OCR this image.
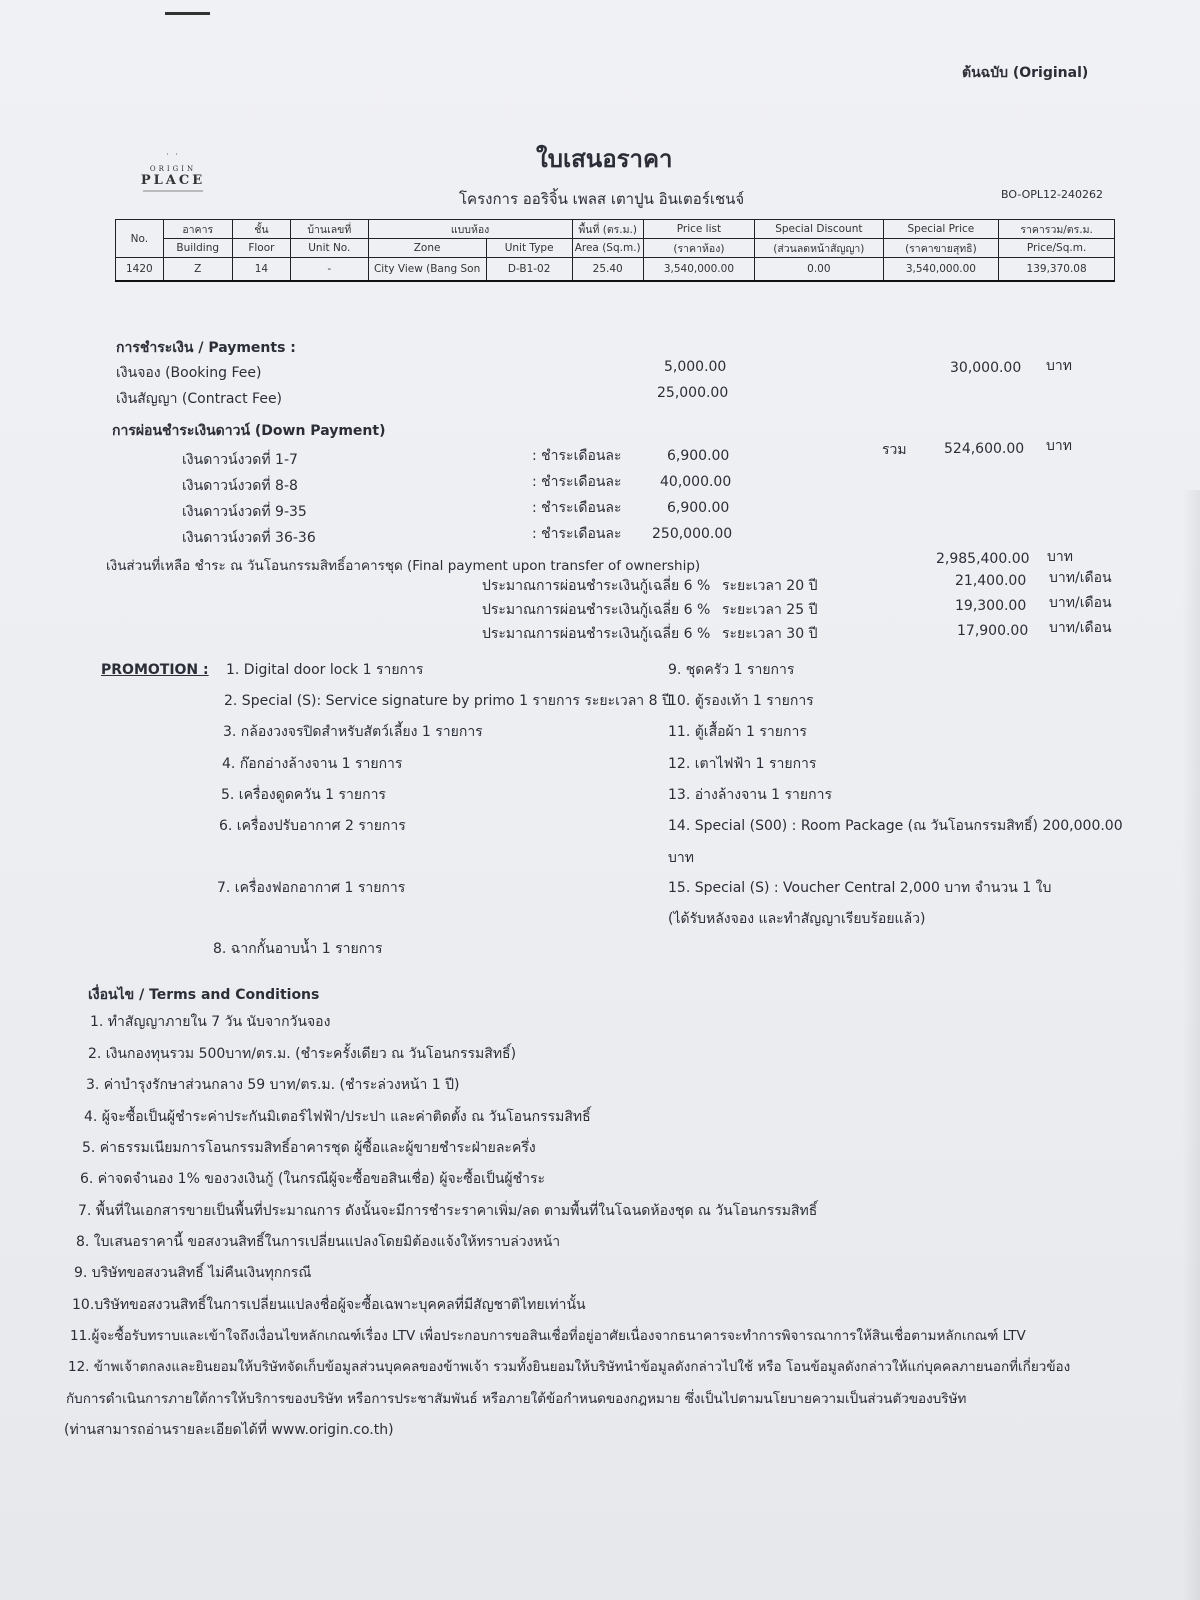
ต้นฉบับ (Original)
· ·
ORIGIN
PLACE
ใบเสนอราคา
โครงการ ออริจิ้น เพลส เตาปูน อินเตอร์เชนจ์	BO-OPL12-240262
No.	อาคาร	ชั้น	บ้านเลขที่	แบบห้อง		พื้นที่ (ตร.ม.)	Price list	Special Discount	Special Price	ราคารวม/ตร.ม.
	Building	Floor	Unit No.	Zone	Unit Type	Area (Sq.m.)	(ราคาห้อง)	(ส่วนลดหน้าสัญญา)	(ราคาขายสุทธิ)	Price/Sq.m.
1420	Z	14	-	City View (Bang Son	D-B1-02	25.40	3,540,000.00	0.00	3,540,000.00	139,370.08
การชำระเงิน / Payments :
เงินจอง (Booking Fee)	5,000.00
เงินสัญญา (Contract Fee)	25,000.00
30,000.00 บาท
การผ่อนชำระเงินดาวน์ (Down Payment)
เงินดาวน์งวดที่ 1-7	: ชำระเดือนละ	6,900.00
เงินดาวน์งวดที่ 8-8	: ชำระเดือนละ	40,000.00
เงินดาวน์งวดที่ 9-35	: ชำระเดือนละ	6,900.00
เงินดาวน์งวดที่ 36-36	: ชำระเดือนละ 250,000.00
รวม	524,600.00 บาท
เงินส่วนที่เหลือ ชำระ ณ วันโอนกรรมสิทธิ์อาคารชุด (Final payment upon transfer of ownership)	2,985,400.00 บาท
ประมาณการผ่อนชำระเงินกู้เฉลี่ย 6 % ระยะเวลา 20 ปี	21,400.00 บาท/เดือน
ประมาณการผ่อนชำระเงินกู้เฉลี่ย 6 % ระยะเวลา 25 ปี	19,300.00 บาท/เดือน
ประมาณการผ่อนชำระเงินกู้เฉลี่ย 6 % ระยะเวลา 30 ปี	17,900.00 บาท/เดือน
PROMOTION : 1. Digital door lock 1 รายการ
2. Special (S): Service signature by primo 1 รายการ ระยะเวลา 8 ปี
3. กล้องวงจรปิดสำหรับสัตว์เลี้ยง 1 รายการ
4. ก๊อกอ่างล้างจาน 1 รายการ
5. เครื่องดูดควัน 1 รายการ
6. เครื่องปรับอากาศ 2 รายการ
7. เครื่องฟอกอากาศ 1 รายการ
8. ฉากกั้นอาบน้ำ 1 รายการ
9. ชุดครัว 1 รายการ
10. ตู้รองเท้า 1 รายการ
11. ตู้เสื้อผ้า 1 รายการ
12. เตาไฟฟ้า 1 รายการ
13. อ่างล้างจาน 1 รายการ
14. Special (S00) : Room Package (ณ วันโอนกรรมสิทธิ์) 200,000.00
บาท
15. Special (S) : Voucher Central 2,000 บาท จำนวน 1 ใบ
(ได้รับหลังจอง และทำสัญญาเรียบร้อยแล้ว)
เงื่อนไข / Terms and Conditions
1. ทำสัญญาภายใน 7 วัน นับจากวันจอง
2. เงินกองทุนรวม 500บาท/ตร.ม. (ชำระครั้งเดียว ณ วันโอนกรรมสิทธิ์)
3. ค่าบำรุงรักษาส่วนกลาง 59 บาท/ตร.ม. (ชำระล่วงหน้า 1 ปี)
4. ผู้จะซื้อเป็นผู้ชำระค่าประกันมิเตอร์ไฟฟ้า/ประปา และค่าติดตั้ง ณ วันโอนกรรมสิทธิ์
5. ค่าธรรมเนียมการโอนกรรมสิทธิ์อาคารชุด ผู้ซื้อและผู้ขายชำระฝ่ายละครึ่ง
6. ค่าจดจำนอง 1% ของวงเงินกู้ (ในกรณีผู้จะซื้อขอสินเชื่อ) ผู้จะซื้อเป็นผู้ชำระ
7. พื้นที่ในเอกสารขายเป็นพื้นที่ประมาณการ ดังนั้นจะมีการชำระราคาเพิ่ม/ลด ตามพื้นที่ในโฉนดห้องชุด ณ วันโอนกรรมสิทธิ์
8. ใบเสนอราคานี้ ขอสงวนสิทธิ์ในการเปลี่ยนแปลงโดยมิต้องแจ้งให้ทราบล่วงหน้า
9. บริษัทขอสงวนสิทธิ์ ไม่คืนเงินทุกกรณี
10.บริษัทขอสงวนสิทธิ์ในการเปลี่ยนแปลงชื่อผู้จะซื้อเฉพาะบุคคลที่มีสัญชาติไทยเท่านั้น
11.ผู้จะซื้อรับทราบและเข้าใจถึงเงื่อนไขหลักเกณฑ์เรื่อง LTV เพื่อประกอบการขอสินเชื่อที่อยู่อาศัยเนื่องจากธนาคารจะทำการพิจารณาการให้สินเชื่อตามหลักเกณฑ์ LTV
12. ข้าพเจ้าตกลงและยินยอมให้บริษัทจัดเก็บข้อมูลส่วนบุคคลของข้าพเจ้า รวมทั้งยินยอมให้บริษัทนำข้อมูลดังกล่าวไปใช้ หรือ โอนข้อมูลดังกล่าวให้แก่บุคคลภายนอกที่เกี่ยวข้อง
กับการดำเนินการภายใต้การให้บริการของบริษัท หรือการประชาสัมพันธ์ หรือภายใต้ข้อกำหนดของกฎหมาย ซึ่งเป็นไปตามนโยบายความเป็นส่วนตัวของบริษัท
(ท่านสามารถอ่านรายละเอียดได้ที่ www.origin.co.th)
